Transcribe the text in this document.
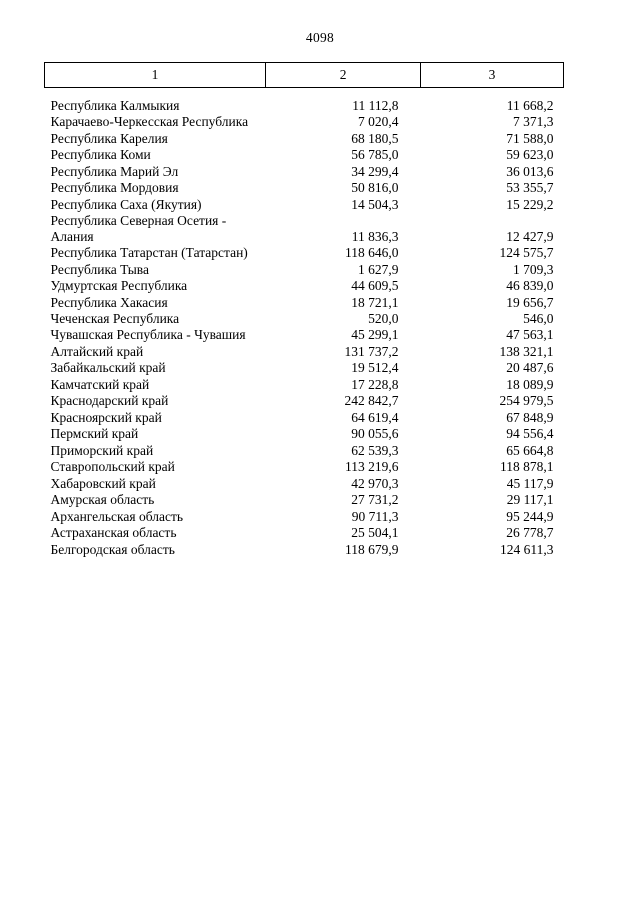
4098
1	2	3

Республика Калмыкия	11 112,8	11 668,2
Карачаево-Черкесская Республика	7 020,4	7 371,3
Республика Карелия	68 180,5	71 588,0
Республика Коми	56 785,0	59 623,0
Республика Марий Эл	34 299,4	36 013,6
Республика Мордовия	50 816,0	53 355,7
Республика Саха (Якутия)	14 504,3	15 229,2
Республика Северная Осетия - Алания	11 836,3	12 427,9
Республика Татарстан (Татарстан)	118 646,0	124 575,7
Республика Тыва	1 627,9	1 709,3
Удмуртская Республика	44 609,5	46 839,0
Республика Хакасия	18 721,1	19 656,7
Чеченская Республика	520,0	546,0
Чувашская Республика - Чувашия	45 299,1	47 563,1
Алтайский край	131 737,2	138 321,1
Забайкальский край	19 512,4	20 487,6
Камчатский край	17 228,8	18 089,9
Краснодарский край	242 842,7	254 979,5
Красноярский край	64 619,4	67 848,9
Пермский край	90 055,6	94 556,4
Приморский край	62 539,3	65 664,8
Ставропольский край	113 219,6	118 878,1
Хабаровский край	42 970,3	45 117,9
Амурская область	27 731,2	29 117,1
Архангельская область	90 711,3	95 244,9
Астраханская область	25 504,1	26 778,7
Белгородская область	118 679,9	124 611,3
